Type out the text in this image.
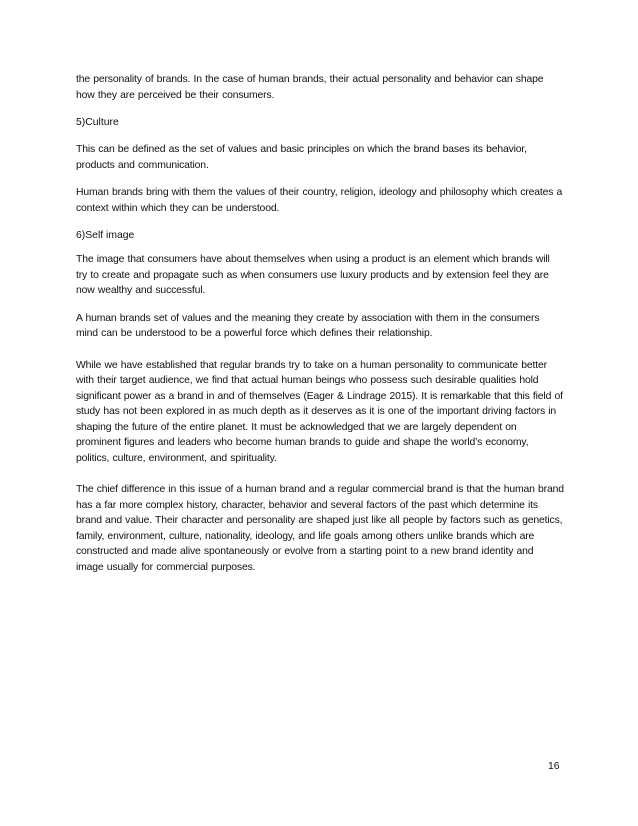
the personality of brands. In the case of human brands, their actual personality and behavior can shape how they are perceived be their consumers.

5)Culture

This can be defined as the set of values and basic principles on which the brand bases its behavior, products and communication.

Human brands bring with them the values of their country, religion, ideology and philosophy which creates a context within which they can be understood.

6)Self image

The image that consumers have about themselves when using a product is an element which brands will try to create and propagate such as when consumers use luxury products and by extension feel they are now wealthy and successful.

A human brands set of values and the meaning they create by association with them in the consumers mind can be understood to be a powerful force which defines their relationship.

While we have established that regular brands try to take on a human personality to communicate better with their target audience, we find that actual human beings who possess such desirable qualities hold significant power as a brand in and of themselves (Eager & Lindrage 2015). It is remarkable that this field of study has not been explored in as much depth as it deserves as it is one of the important driving factors in shaping the future of the entire planet. It must be acknowledged that we are largely dependent on prominent figures and leaders who become human brands to guide and shape the world’s economy, politics, culture, environment, and spirituality.

The chief difference in this issue of a human brand and a regular commercial brand is that the human brand has a far more complex history, character, behavior and several factors of the past which determine its brand and value. Their character and personality are shaped just like all people by factors such as genetics, family, environment, culture, nationality, ideology, and life goals among others unlike brands which are constructed and made alive spontaneously or evolve from a starting point to a new brand identity and image usually for commercial purposes.

16
